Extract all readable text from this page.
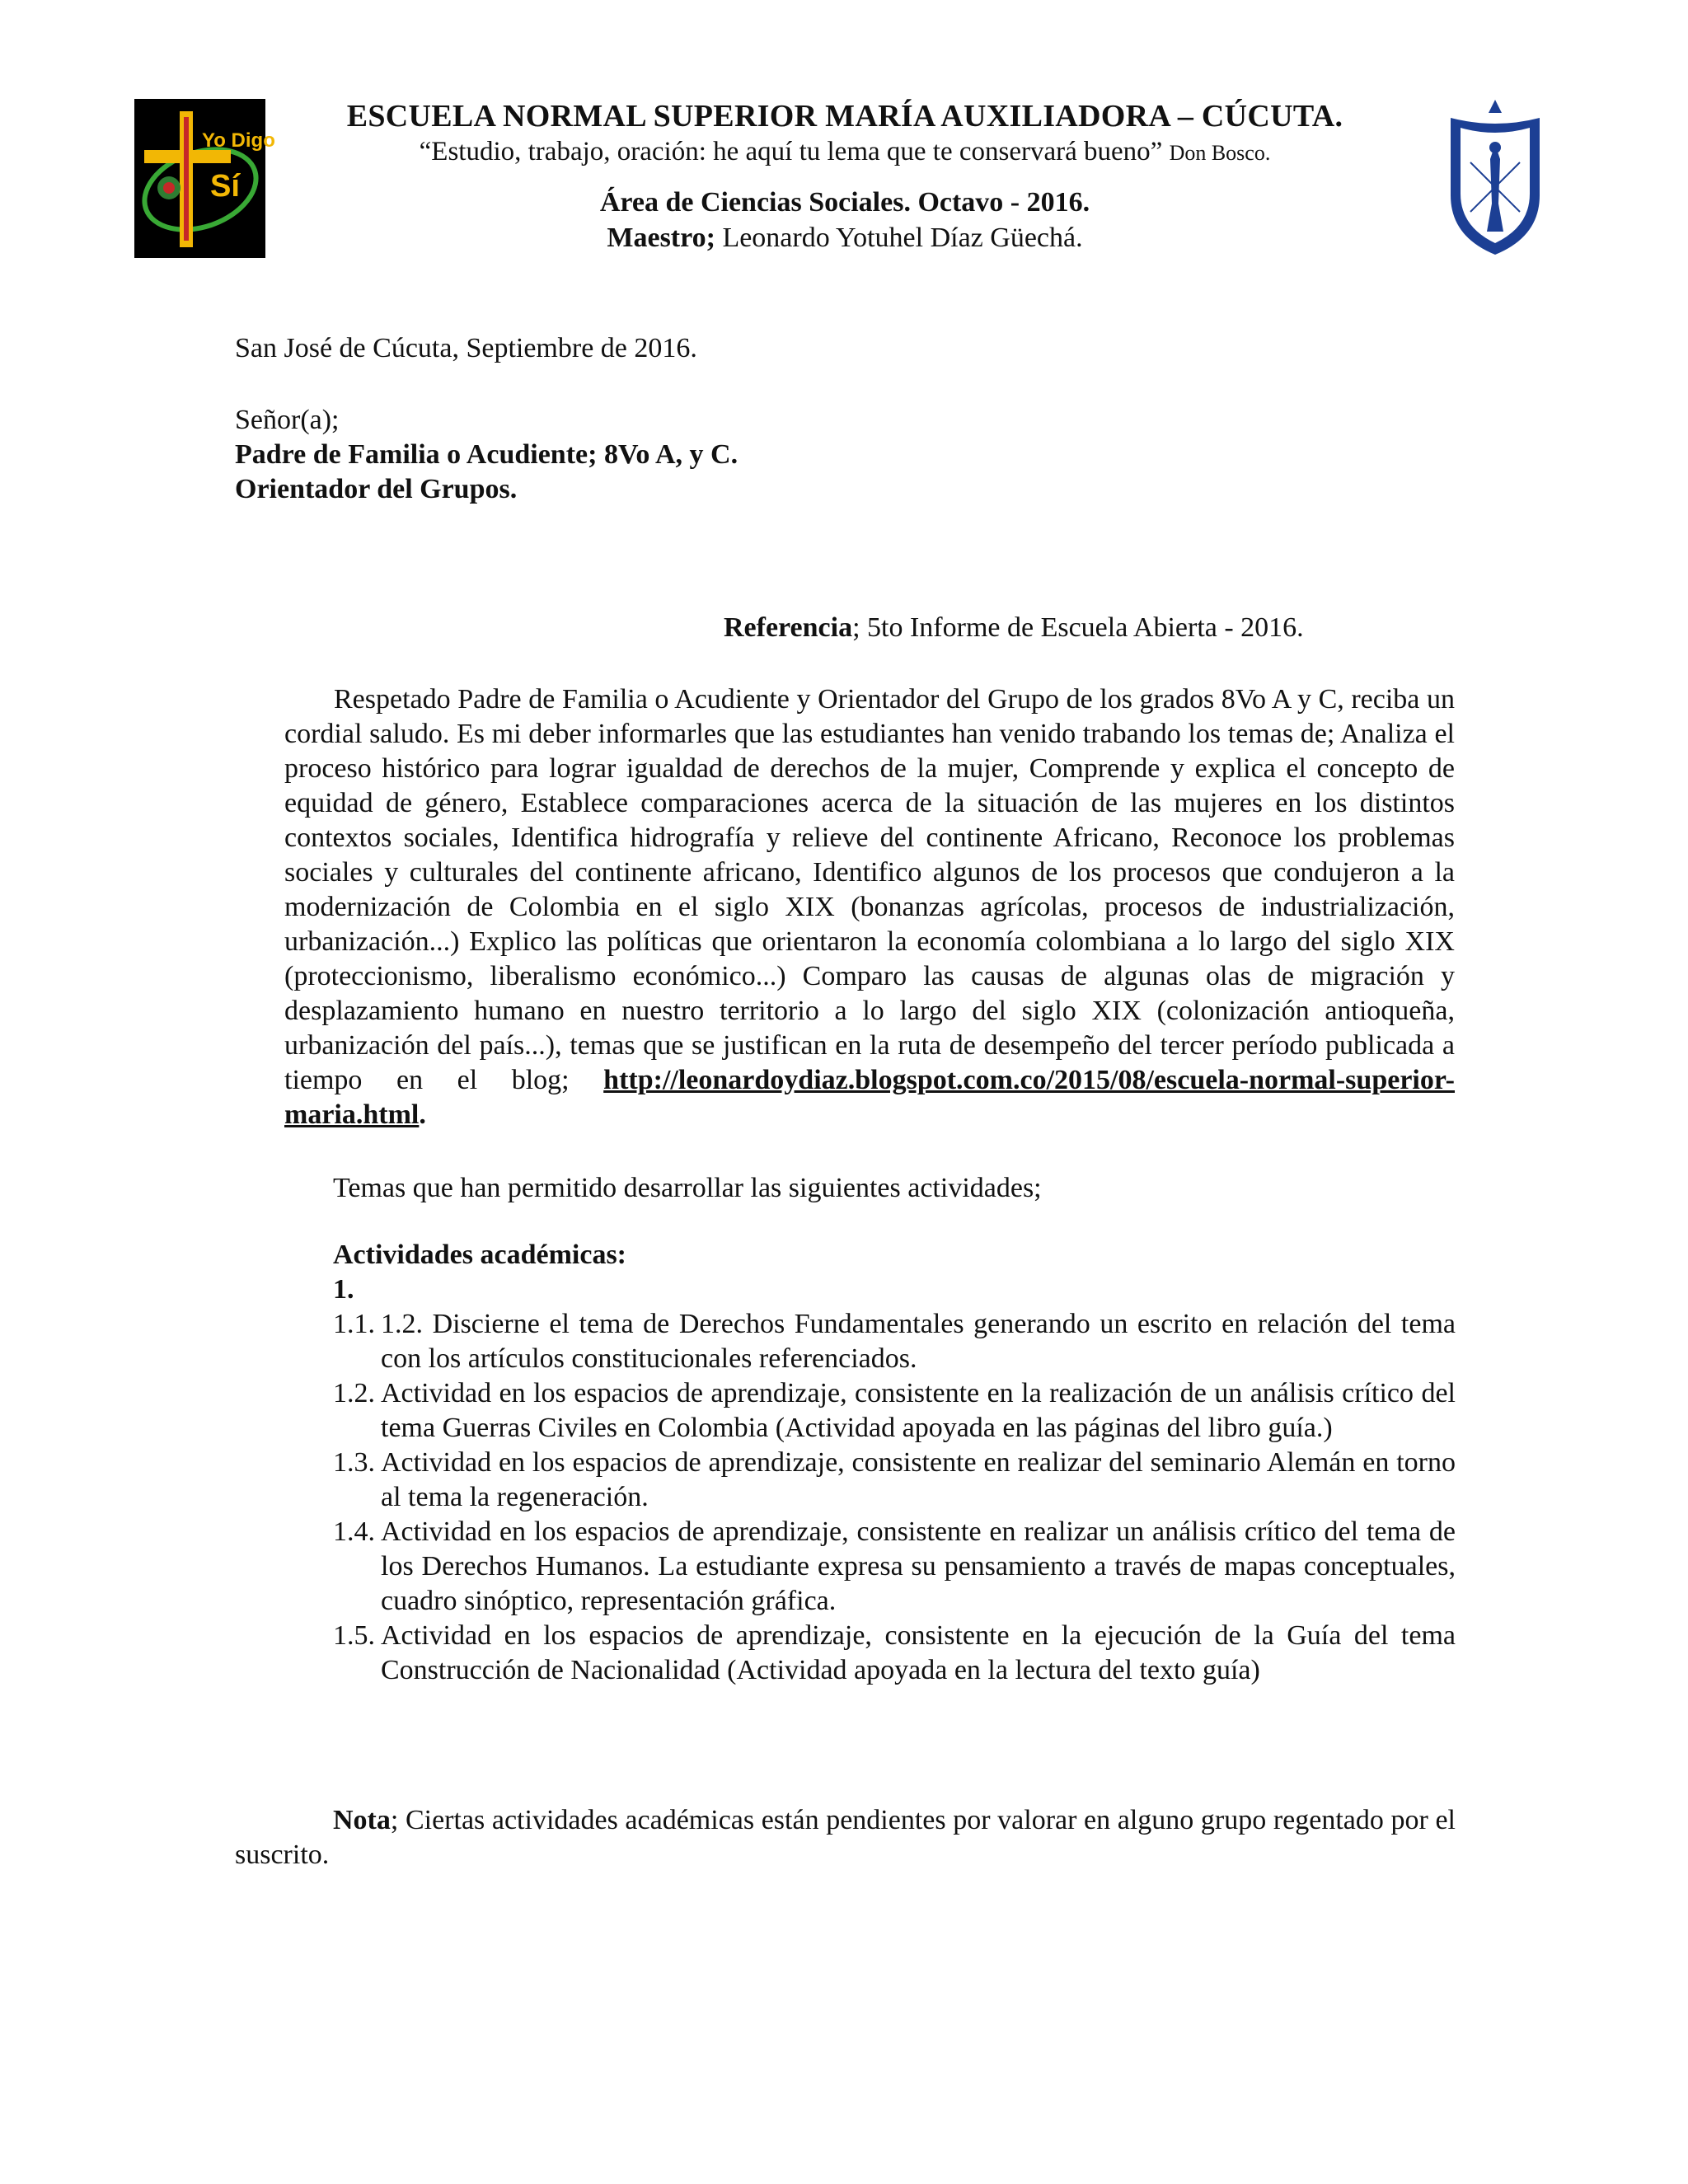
Yo Digo
Sí
ESCUELA NORMAL SUPERIOR MARÍA AUXILIADORA – CÚCUTA.
“Estudio, trabajo, oración: he aquí tu lema que te conservará bueno” Don Bosco.
Área de Ciencias Sociales. Octavo - 2016.
Maestro; Leonardo Yotuhel Díaz Güechá.
San José de Cúcuta, Septiembre de 2016.
Señor(a);
Padre de Familia o Acudiente; 8Vo A, y C.
Orientador del Grupos.
Referencia; 5to Informe de Escuela Abierta - 2016.
Respetado Padre de Familia o Acudiente y Orientador del Grupo de los grados 8Vo A y C, reciba un cordial saludo. Es mi deber informarles que las estudiantes han venido trabando los temas de; Analiza el proceso histórico para lograr igualdad de derechos de la mujer, Comprende y explica el concepto de equidad de género, Establece comparaciones acerca de la situación de las mujeres en los distintos contextos sociales, Identifica hidrografía y relieve del continente Africano, Reconoce los problemas sociales y culturales del continente africano, Identifico algunos de los procesos que condujeron a la modernización de Colombia en el siglo XIX (bonanzas agrícolas, procesos de industrialización, urbanización...) Explico las políticas que orientaron la economía colombiana a lo largo del siglo XIX (proteccionismo, liberalismo económico...) Comparo las causas de algunas olas de migración y desplazamiento humano en nuestro territorio a lo largo del siglo XIX (colonización antioqueña, urbanización del país...), temas que se justifican en la ruta de desempeño del tercer período publicada a tiempo en el blog; http://leonardoydiaz.blogspot.com.co/2015/08/escuela-normal-superior-maria.html.
Temas que han permitido desarrollar las siguientes actividades;
Actividades académicas:
1.
1.1. 1.2. Discierne el tema de Derechos Fundamentales generando un escrito en relación del tema con los artículos constitucionales referenciados.
1.2. Actividad en los espacios de aprendizaje, consistente en la realización de un análisis crítico del tema Guerras Civiles en Colombia (Actividad apoyada en las páginas del libro guía.)
1.3. Actividad en los espacios de aprendizaje, consistente en realizar del seminario Alemán en torno al tema la regeneración.
1.4. Actividad en los espacios de aprendizaje, consistente en realizar un análisis crítico del tema de los Derechos Humanos. La estudiante expresa su pensamiento a través de mapas conceptuales, cuadro sinóptico, representación gráfica.
1.5. Actividad en los espacios de aprendizaje, consistente en la ejecución de la Guía del tema Construcción de Nacionalidad (Actividad apoyada en la lectura del texto guía)
Nota; Ciertas actividades académicas están pendientes por valorar en alguno grupo regentado por el suscrito.
